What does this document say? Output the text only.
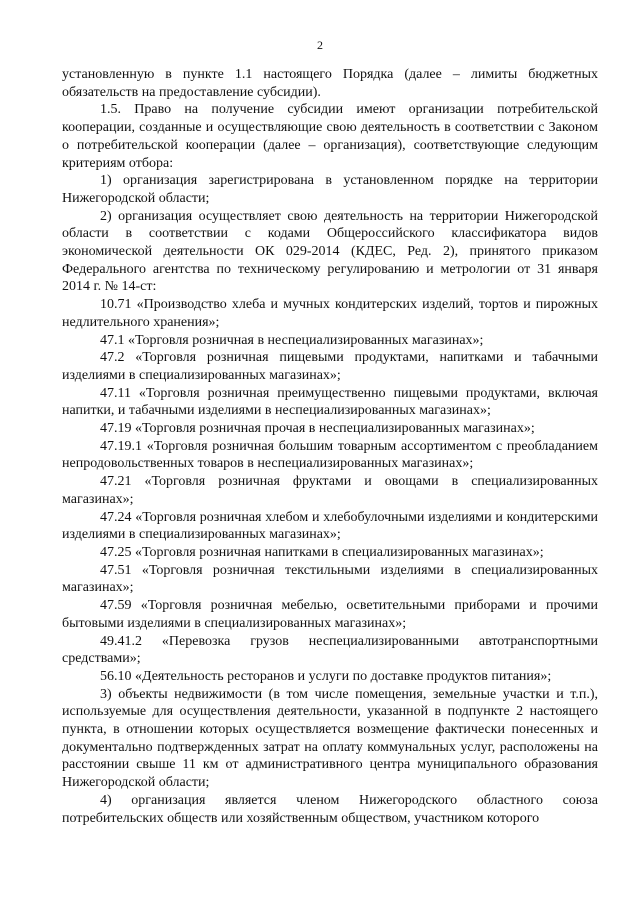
2

установленную в пункте 1.1 настоящего Порядка (далее – лимиты бюджетных обязательств на предоставление субсидии).

1.5. Право на получение субсидии имеют организации потребительской кооперации, созданные и осуществляющие свою деятельность в соответствии с Законом о потребительской кооперации (далее – организация), соответствующие следующим критериям отбора:

1) организация зарегистрирована в установленном порядке на территории Нижегородской области;

2) организация осуществляет свою деятельность на территории Нижегородской области в соответствии с кодами Общероссийского классификатора видов экономической деятельности ОК 029-2014 (КДЕС, Ред. 2), принятого приказом Федерального агентства по техническому регулированию и метрологии от 31 января 2014 г. № 14-ст:

10.71 «Производство хлеба и мучных кондитерских изделий, тортов и пирожных недлительного хранения»;

47.1 «Торговля розничная в неспециализированных магазинах»;

47.2 «Торговля розничная пищевыми продуктами, напитками и табачными изделиями в специализированных магазинах»;

47.11 «Торговля розничная преимущественно пищевыми продуктами, включая напитки, и табачными изделиями в неспециализированных магазинах»;

47.19 «Торговля розничная прочая в неспециализированных магазинах»;

47.19.1 «Торговля розничная большим товарным ассортиментом с преобладанием непродовольственных товаров в неспециализированных магазинах»;

47.21 «Торговля розничная фруктами и овощами в специализированных магазинах»;

47.24 «Торговля розничная хлебом и хлебобулочными изделиями и кондитерскими изделиями в специализированных магазинах»;

47.25 «Торговля розничная напитками в специализированных магазинах»;

47.51 «Торговля розничная текстильными изделиями в специализированных магазинах»;

47.59 «Торговля розничная мебелью, осветительными приборами и прочими бытовыми изделиями в специализированных магазинах»;

49.41.2 «Перевозка грузов неспециализированными автотранспортными средствами»;

56.10 «Деятельность ресторанов и услуги по доставке продуктов питания»;

3) объекты недвижимости (в том числе помещения, земельные участки и т.п.), используемые для осуществления деятельности, указанной в подпункте 2 настоящего пункта, в отношении которых осуществляется возмещение фактически понесенных и документально подтвержденных затрат на оплату коммунальных услуг, расположены на расстоянии свыше 11 км от административного центра муниципального образования Нижегородской области;

4) организация является членом Нижегородского областного союза потребительских обществ или хозяйственным обществом, участником которого
